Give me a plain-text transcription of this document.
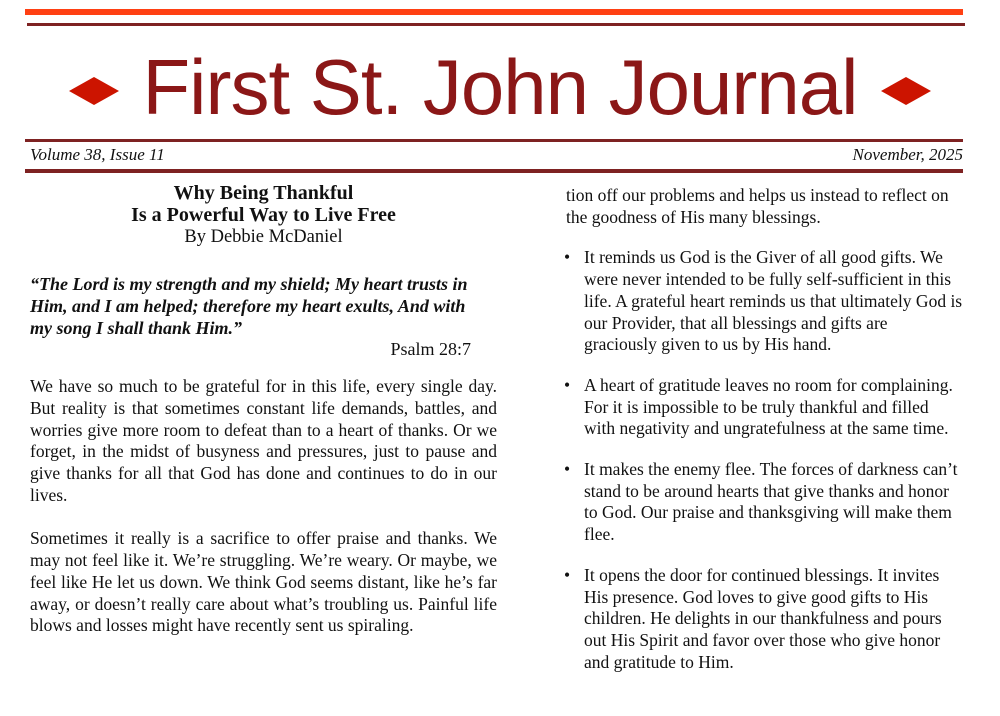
First St. John Journal
Volume 38, Issue 11	November, 2025
Why Being Thankful
Is a Powerful Way to Live Free

By Debbie McDaniel

“The Lord is my strength and my shield; My heart trusts in Him, and I am helped; therefore my heart exults, And with my song I shall thank Him.”
Psalm 28:7

We have so much to be grateful for in this life, every single day. But reality is that sometimes constant life demands, battles, and worries give more room to defeat than to a heart of thanks. Or we forget, in the midst of busyness and pressures, just to pause and give thanks for all that God has done and continues to do in our lives.

Sometimes it really is a sacrifice to offer praise and thanks. We may not feel like it. We’re struggling. We’re weary. Or maybe, we feel like He let us down. We think God seems distant, like he’s far away, or doesn’t really care about what’s troubling us. Painful life blows and losses might have recently sent us spiraling.

tion off our problems and helps us instead to reflect on the goodness of His many blessings.

• It reminds us God is the Giver of all good gifts. We were never intended to be fully self-sufficient in this life. A grateful heart reminds us that ultimately God is our Provider, that all blessings and gifts are graciously given to us by His hand.
• A heart of gratitude leaves no room for complaining. For it is impossible to be truly thankful and filled with negativity and ungratefulness at the same time.
• It makes the enemy flee. The forces of darkness can’t stand to be around hearts that give thanks and honor to God. Our praise and thanksgiving will make them flee.
• It opens the door for continued blessings. It invites His presence. God loves to give good gifts to His children. He delights in our thankfulness and pours out His Spirit and favor over those who give honor and gratitude to Him.
